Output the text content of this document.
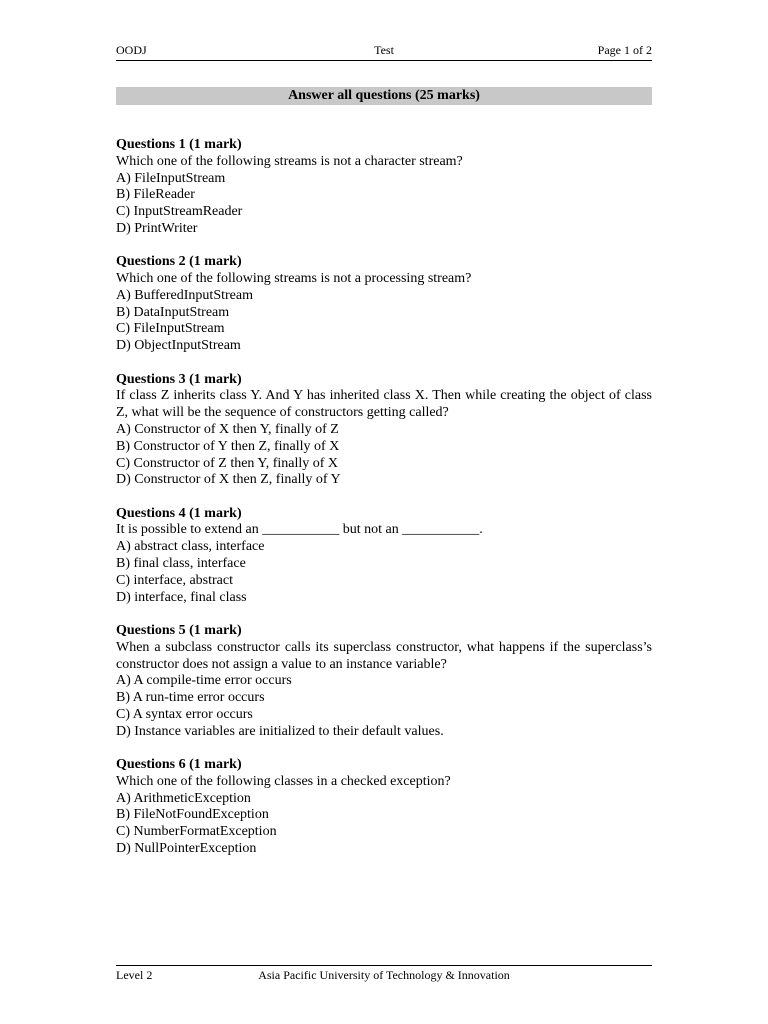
OODJ	Test	Page 1 of 2
Answer all questions (25 marks)
Questions 1 (1 mark)
Which one of the following streams is not a character stream?
A) FileInputStream
B) FileReader
C) InputStreamReader
D) PrintWriter
Questions 2 (1 mark)
Which one of the following streams is not a processing stream?
A) BufferedInputStream
B) DataInputStream
C) FileInputStream
D) ObjectInputStream
Questions 3 (1 mark)
If class Z inherits class Y. And Y has inherited class X. Then while creating the object of class Z, what will be the sequence of constructors getting called?
A) Constructor of X then Y, finally of Z
B) Constructor of Y then Z, finally of X
C) Constructor of Z then Y, finally of X
D) Constructor of X then Z, finally of Y
Questions 4 (1 mark)
It is possible to extend an ___________ but not an ___________.
A) abstract class, interface
B) final class, interface
C) interface, abstract
D) interface, final class
Questions 5 (1 mark)
When a subclass constructor calls its superclass constructor, what happens if the superclass’s constructor does not assign a value to an instance variable?
A) A compile-time error occurs
B) A run-time error occurs
C) A syntax error occurs
D) Instance variables are initialized to their default values.
Questions 6 (1 mark)
Which one of the following classes in a checked exception?
A) ArithmeticException
B) FileNotFoundException
C) NumberFormatException
D) NullPointerException
Level 2	Asia Pacific University of Technology & Innovation
